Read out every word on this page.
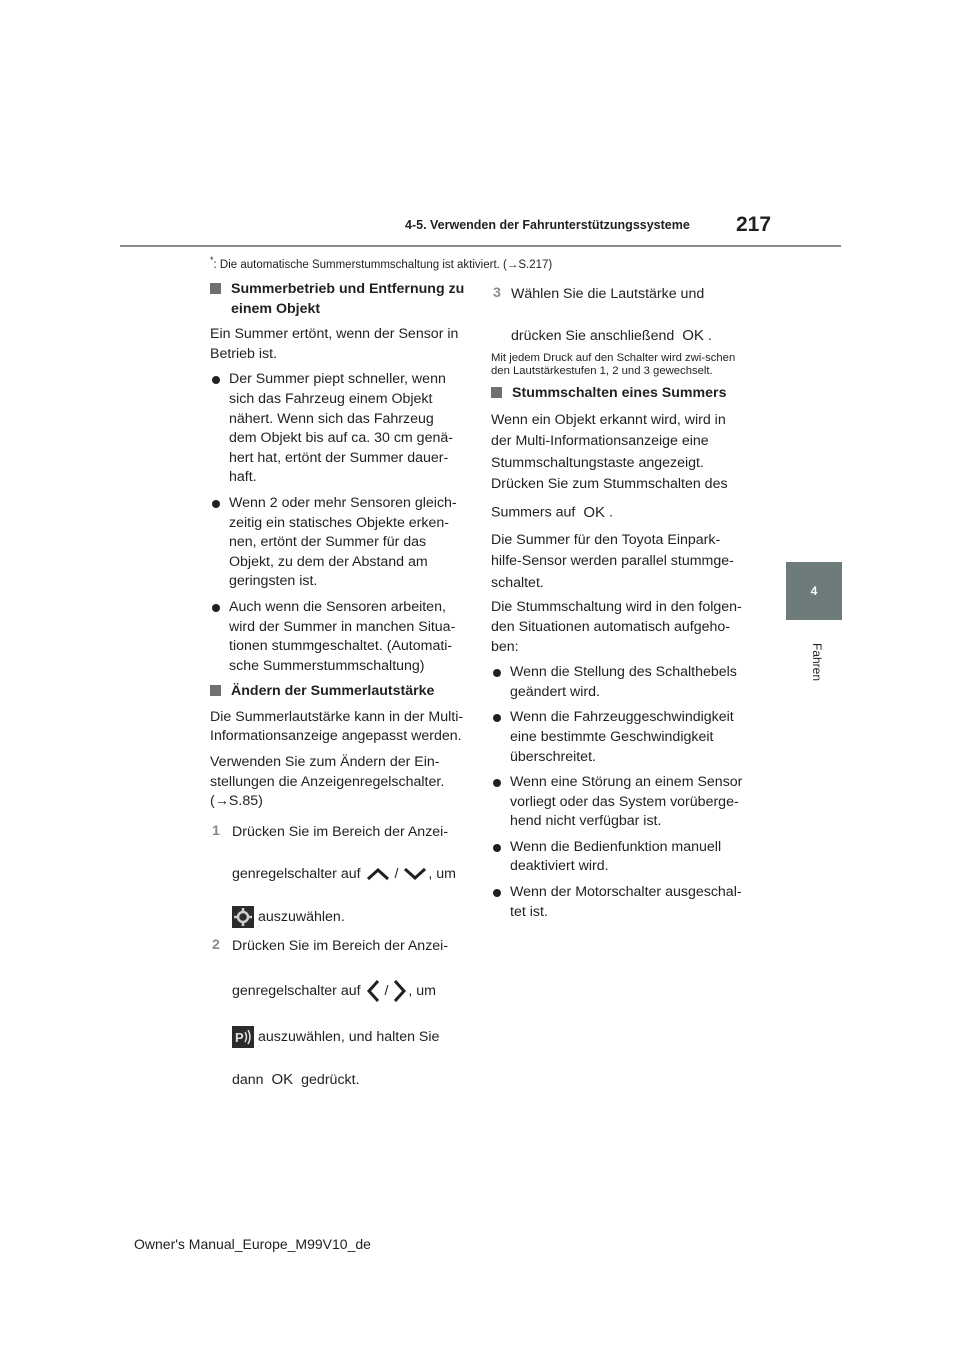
4-5. Verwenden der Fahrunterstützungssysteme 217
4
Fahren
*: Die automatische Summerstummschaltung ist aktiviert. (→S.217)

Summerbetrieb und Entfernung zu einem Objekt

Ein Summer ertönt, wenn der Sensor in Betrieb ist.

Der Summer piept schneller, wenn sich das Fahrzeug einem Objekt nähert. Wenn sich das Fahrzeug dem Objekt bis auf ca. 30 cm genä-hert hat, ertönt der Summer dauer-haft.

Wenn 2 oder mehr Sensoren gleich-zeitig ein statisches Objekte erken-nen, ertönt der Summer für das Objekt, zu dem der Abstand am geringsten ist.

Auch wenn die Sensoren arbeiten, wird der Summer in manchen Situa-tionen stummgeschaltet. (Automati-sche Summerstummschaltung)

Ändern der Summerlautstärke

Die Summerlautstärke kann in der Multi-Informationsanzeige angepasst werden.

Verwenden Sie zum Ändern der Ein-stellungen die Anzeigenregelschalter. (→S.85)

1 Drücken Sie im Bereich der Anzei-
genregelschalter auf / , um
auszuwählen.
2 Drücken Sie im Bereich der Anzei-
genregelschalter auf / , um
P auszuwählen, und halten Sie
dann OK gedrückt.
3 Wählen Sie die Lautstärke und
drücken Sie anschließend OK .

Mit jedem Druck auf den Schalter wird zwi-schen den Lautstärkestufen 1, 2 und 3 gewechselt.

Stummschalten eines Summers

Wenn ein Objekt erkannt wird, wird in
der Multi-Informationsanzeige eine
Stummschaltungstaste angezeigt.
Drücken Sie zum Stummschalten des
Summers auf OK .
Die Summer für den Toyota Einpark-
hilfe-Sensor werden parallel stummge-
schaltet.

Die Stummschaltung wird in den folgen-den Situationen automatisch aufgeho-ben:

Wenn die Stellung des Schalthebels geändert wird.

Wenn die Fahrzeuggeschwindigkeit eine bestimmte Geschwindigkeit überschreitet.

Wenn eine Störung an einem Sensor vorliegt oder das System vorüberge-hend nicht verfügbar ist.

Wenn die Bedienfunktion manuell deaktiviert wird.

Wenn der Motorschalter ausgeschal-tet ist.

Owner's Manual_Europe_M99V10_de
